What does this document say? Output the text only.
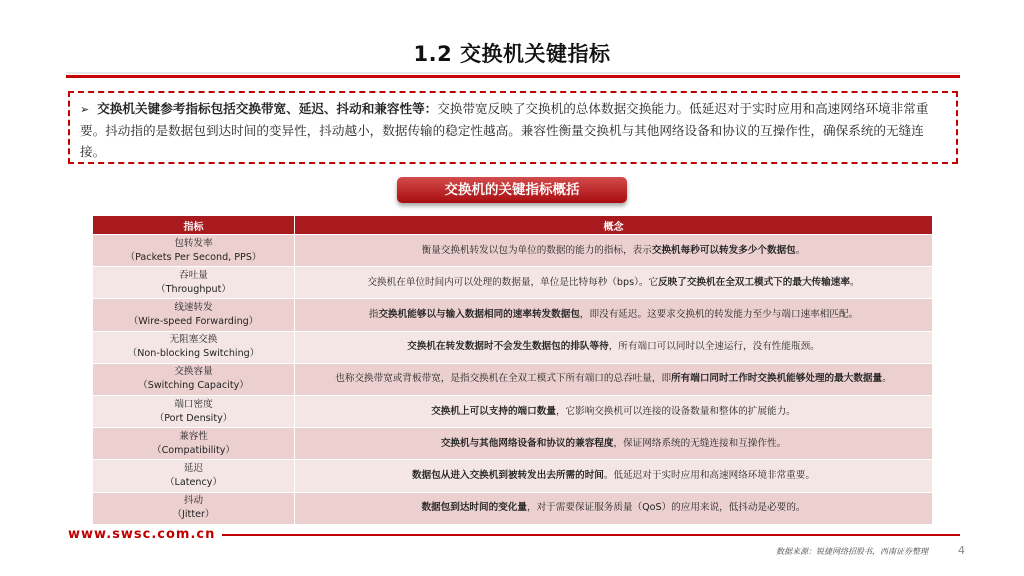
1.2 交换机关键指标
➢ 交换机关键参考指标包括交换带宽、延迟、抖动和兼容性等：交换带宽反映了交换机的总体数据交换能力。低延迟对于实时应用和高速网络环境非常重要。抖动指的是数据包到达时间的变异性，抖动越小，数据传输的稳定性越高。兼容性衡量交换机与其他网络设备和协议的互操作性，确保系统的无缝连接。
交换机的关键指标概括
指标	概念
包转发率
（Packets Per Second, PPS）	衡量交换机转发以包为单位的数据的能力的指标，表示交换机每秒可以转发多少个数据包。
吞吐量
（Throughput）	交换机在单位时间内可以处理的数据量，单位是比特每秒（bps）。它反映了交换机在全双工模式下的最大传输速率。
线速转发
（Wire-speed Forwarding）	指交换机能够以与输入数据相同的速率转发数据包，即没有延迟。这要求交换机的转发能力至少与端口速率相匹配。
无阻塞交换
（Non-blocking Switching）	交换机在转发数据时不会发生数据包的排队等待，所有端口可以同时以全速运行，没有性能瓶颈。
交换容量
（Switching Capacity）	也称交换带宽或背板带宽，是指交换机在全双工模式下所有端口的总吞吐量，即所有端口同时工作时交换机能够处理的最大数据量。
端口密度
（Port Density）	交换机上可以支持的端口数量，它影响交换机可以连接的设备数量和整体的扩展能力。
兼容性
（Compatibility）	交换机与其他网络设备和协议的兼容程度，保证网络系统的无缝连接和互操作性。
延迟
（Latency）	数据包从进入交换机到被转发出去所需的时间。低延迟对于实时应用和高速网络环境非常重要。
抖动
（Jitter）	数据包到达时间的变化量，对于需要保证服务质量（QoS）的应用来说，低抖动是必要的。
www.swsc.com.cn
数据来源：锐捷网络招股书，西南证券整理	4
